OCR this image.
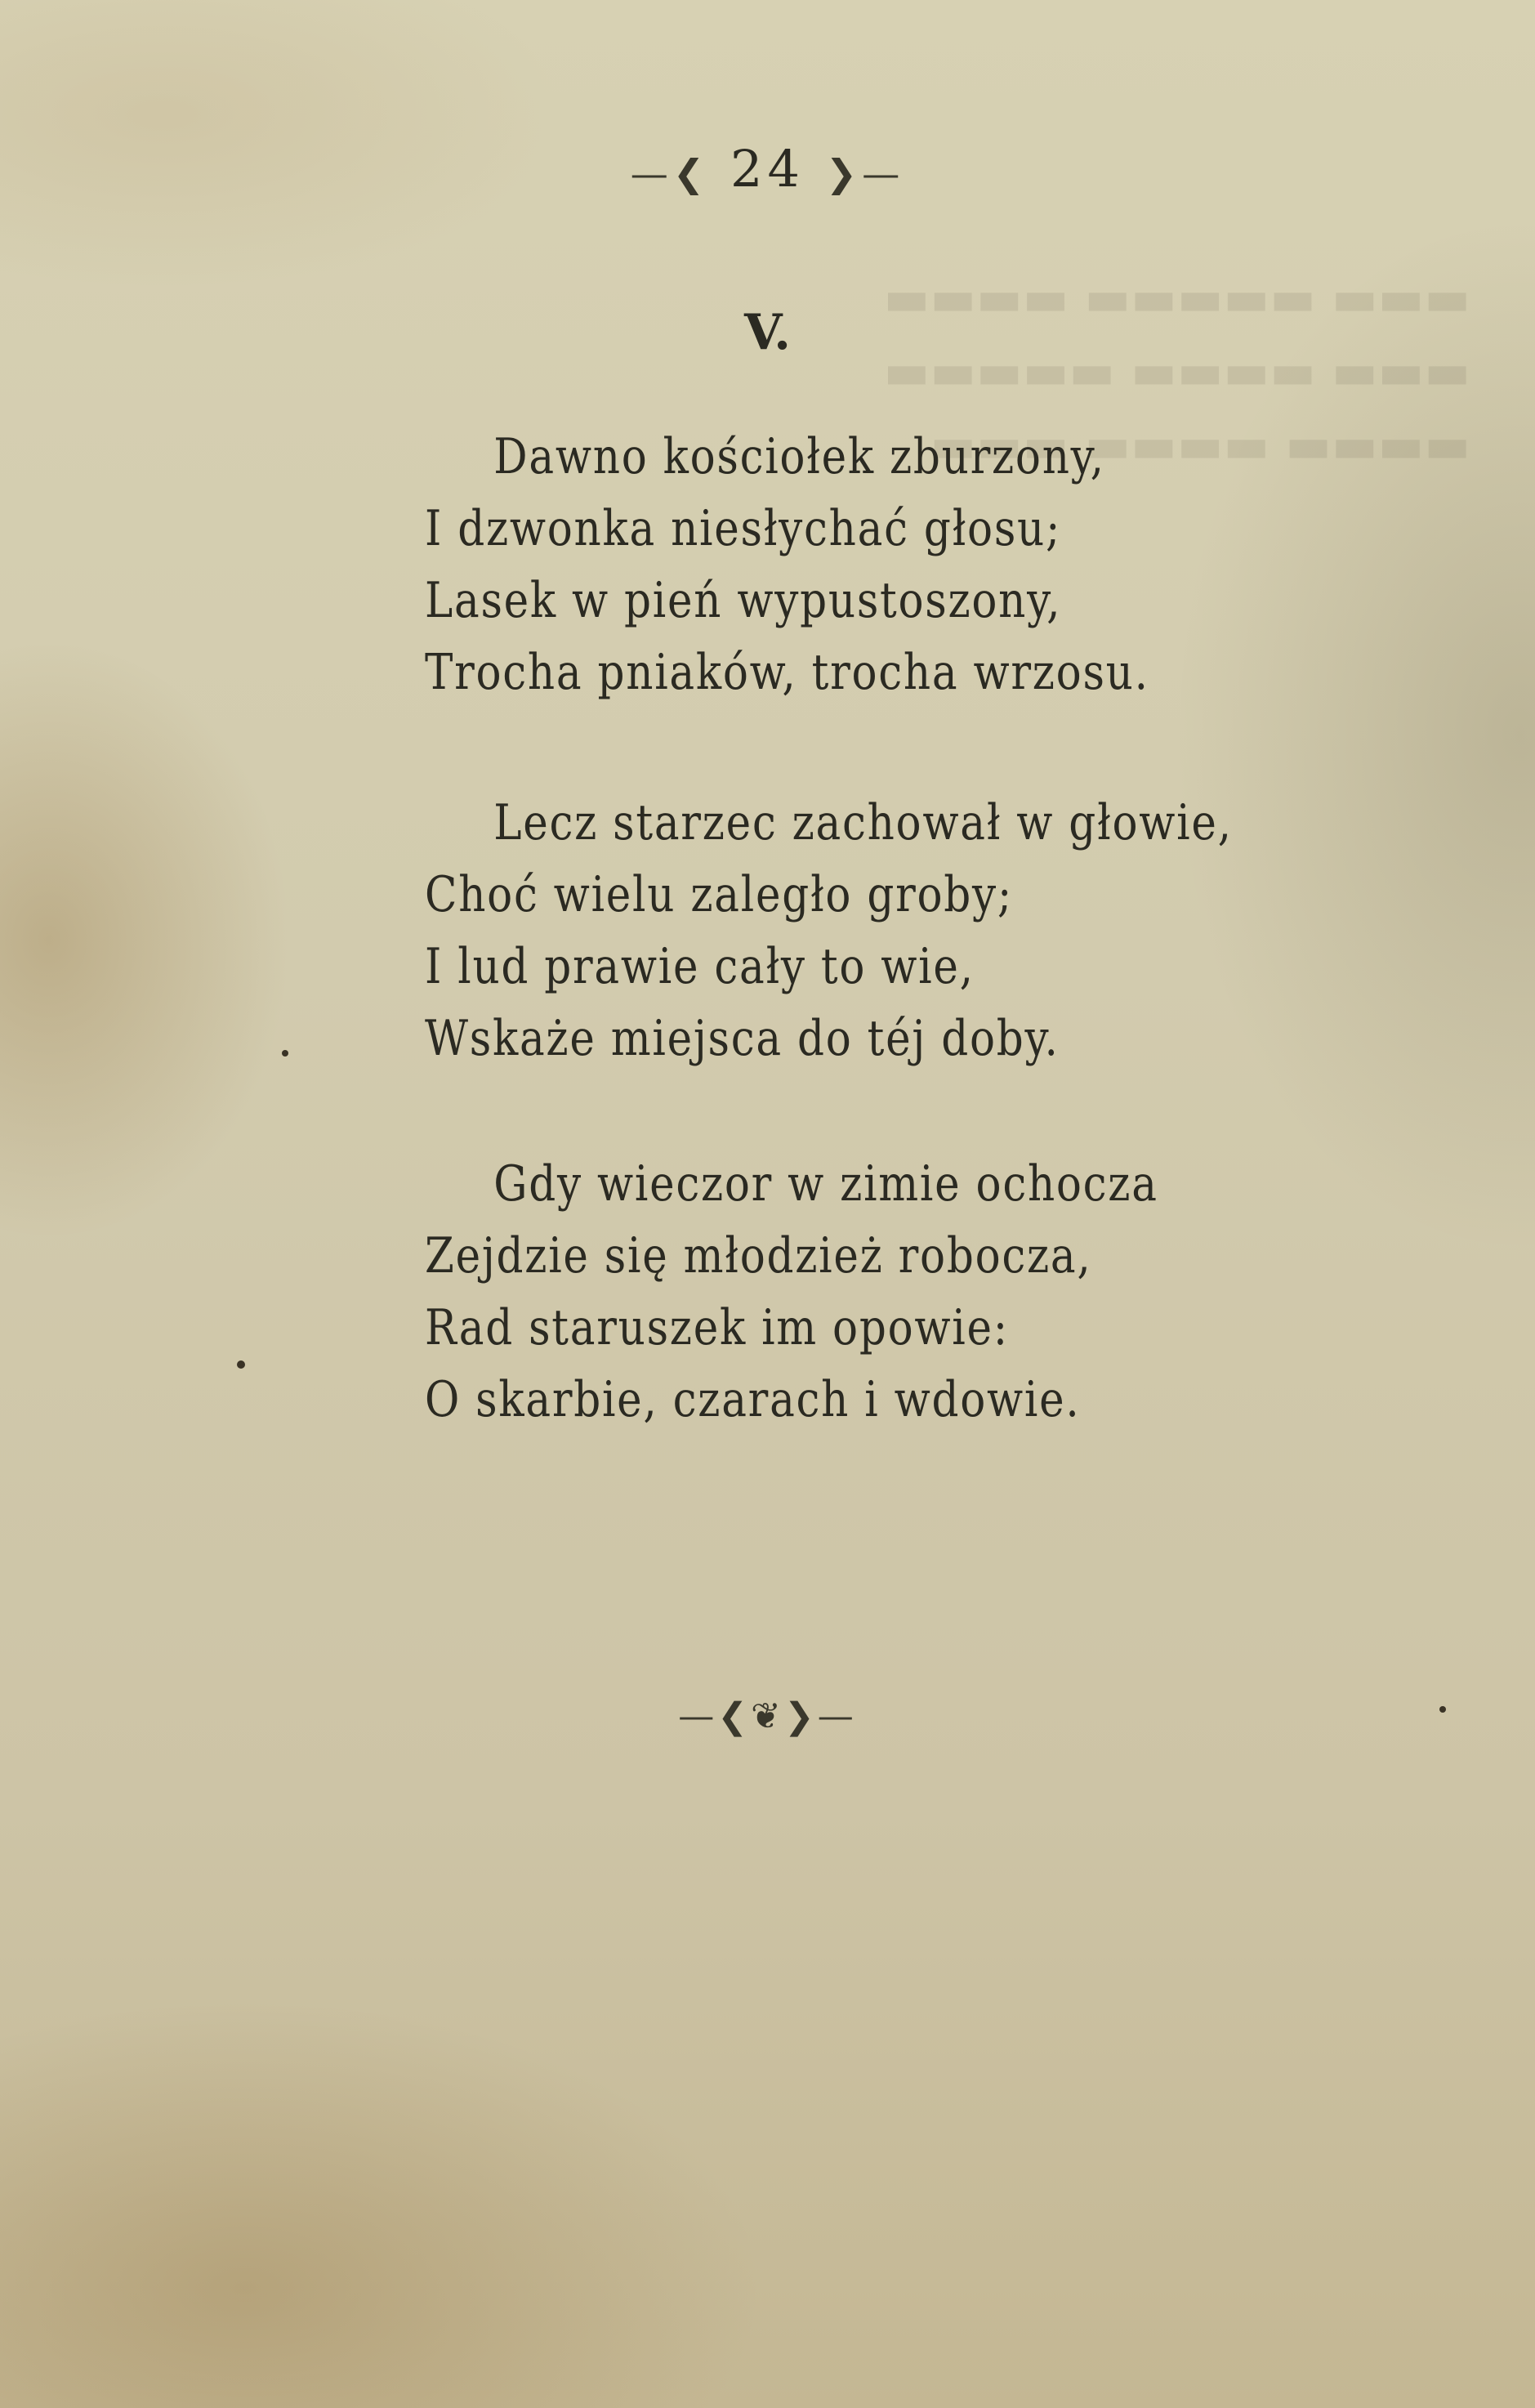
▬▬▬ ▬▬▬▬▬ ▬▬▬▬
▬▬▬ ▬▬▬▬ ▬▬▬▬▬
▬▬▬▬ ▬▬▬▬ ▬▬▬
—❮ 24 ❯—
V.
Dawno kościołek zburzony,
I dzwonka niesłychać głosu;
Lasek w pień wypustoszony,
Trocha pniaków, trocha wrzosu.
Lecz starzec zachował w głowie,
Choć wielu zaległo groby;
I lud prawie cały to wie,
Wskaże miejsca do téj doby.
Gdy wieczor w zimie ochocza
Zejdzie się młodzież robocza,
Rad staruszek im opowie:
O skarbie, czarach i wdowie.
—❮❦❯—
